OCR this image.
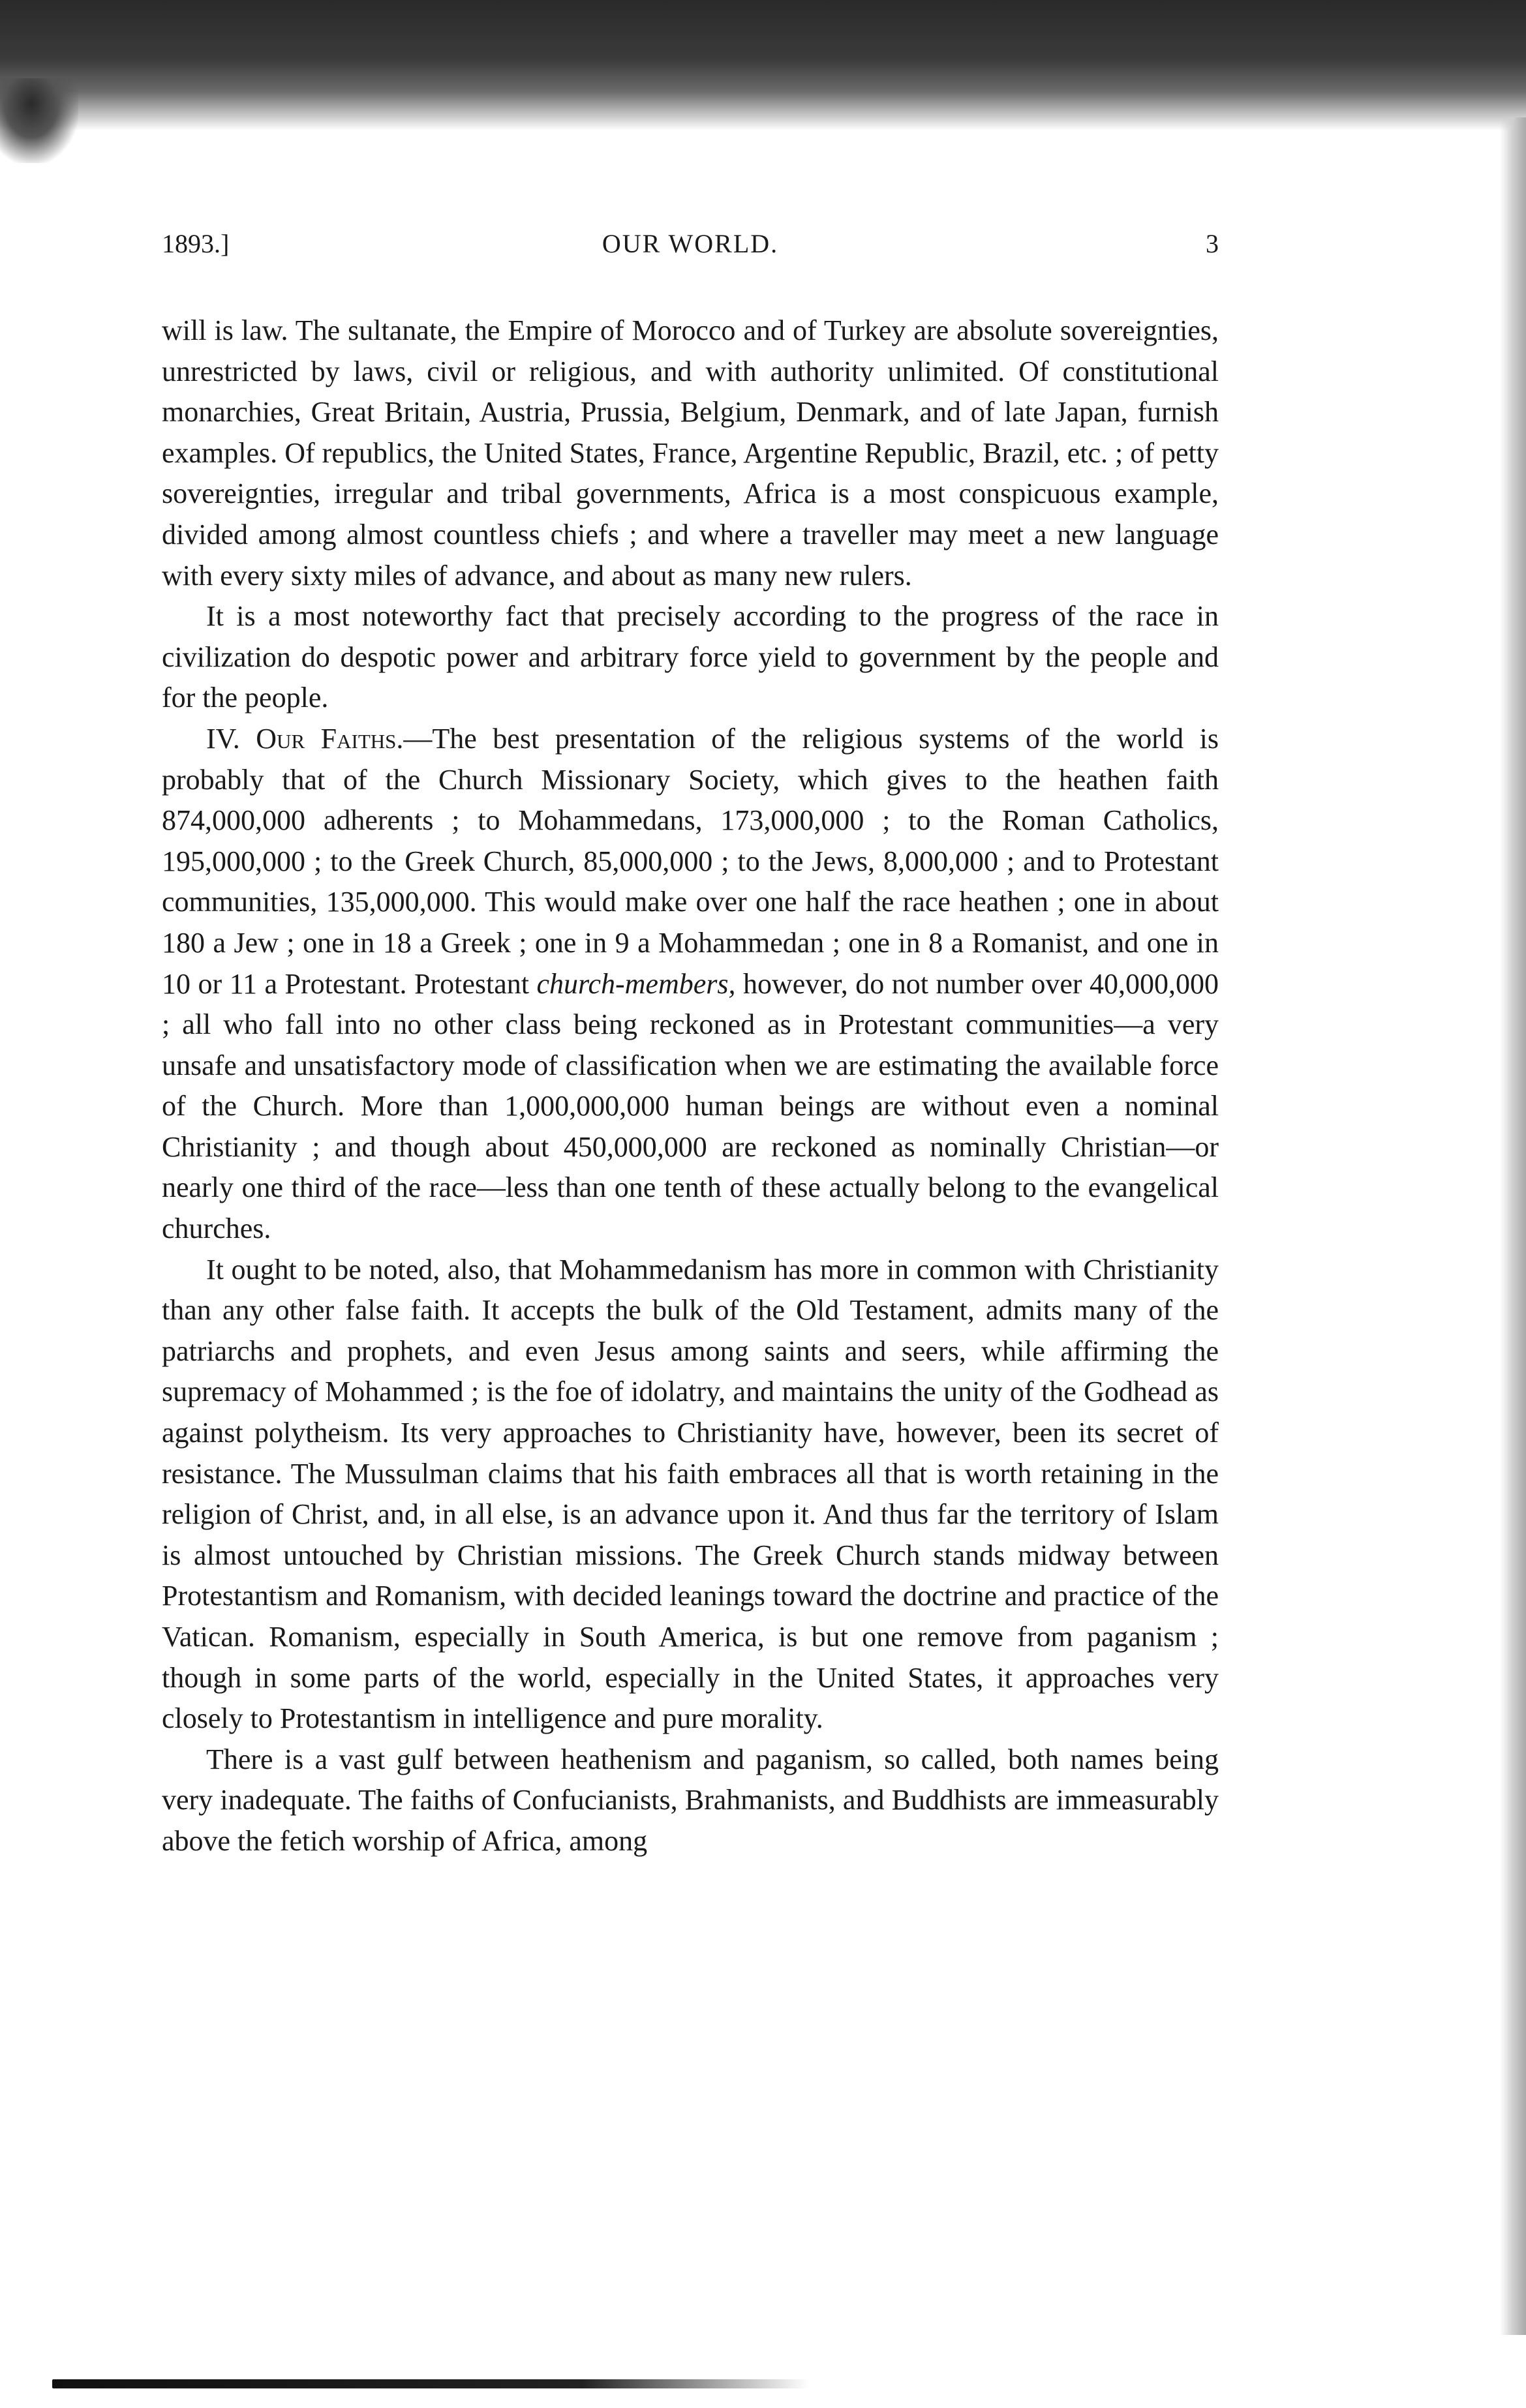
1893.]	OUR WORLD.	3

will is law. The sultanate, the Empire of Morocco and of Turkey are absolute sovereignties, unrestricted by laws, civil or religious, and with authority unlimited. Of constitutional monarchies, Great Britain, Austria, Prussia, Belgium, Denmark, and of late Japan, furnish examples. Of republics, the United States, France, Argentine Republic, Brazil, etc. ; of petty sovereignties, irregular and tribal governments, Africa is a most conspicuous example, divided among almost countless chiefs ; and where a traveller may meet a new language with every sixty miles of advance, and about as many new rulers.

It is a most noteworthy fact that precisely according to the progress of the race in civilization do despotic power and arbitrary force yield to government by the people and for the people.

IV. Our Faiths.—The best presentation of the religious systems of the world is probably that of the Church Missionary Society, which gives to the heathen faith 874,000,000 adherents ; to Mohammedans, 173,000,000 ; to the Roman Catholics, 195,000,000 ; to the Greek Church, 85,000,000 ; to the Jews, 8,000,000 ; and to Protestant communities, 135,000,000. This would make over one half the race heathen ; one in about 180 a Jew ; one in 18 a Greek ; one in 9 a Mohammedan ; one in 8 a Romanist, and one in 10 or 11 a Protestant. Protestant church-members, however, do not number over 40,000,000 ; all who fall into no other class being reckoned as in Protestant communities—a very unsafe and unsatisfactory mode of classification when we are estimating the available force of the Church. More than 1,000,000,000 human beings are without even a nominal Christianity ; and though about 450,000,000 are reckoned as nominally Christian—or nearly one third of the race—less than one tenth of these actually belong to the evangelical churches.

It ought to be noted, also, that Mohammedanism has more in common with Christianity than any other false faith. It accepts the bulk of the Old Testament, admits many of the patriarchs and prophets, and even Jesus among saints and seers, while affirming the supremacy of Mohammed ; is the foe of idolatry, and maintains the unity of the Godhead as against polytheism. Its very approaches to Christianity have, however, been its secret of resistance. The Mussulman claims that his faith embraces all that is worth retaining in the religion of Christ, and, in all else, is an advance upon it. And thus far the territory of Islam is almost untouched by Christian missions. The Greek Church stands midway between Protestantism and Romanism, with decided leanings toward the doctrine and practice of the Vatican. Romanism, especially in South America, is but one remove from paganism ; though in some parts of the world, especially in the United States, it approaches very closely to Protestantism in intelligence and pure morality.

There is a vast gulf between heathenism and paganism, so called, both names being very inadequate. The faiths of Confucianists, Brahmanists, and Buddhists are immeasurably above the fetich worship of Africa, among
